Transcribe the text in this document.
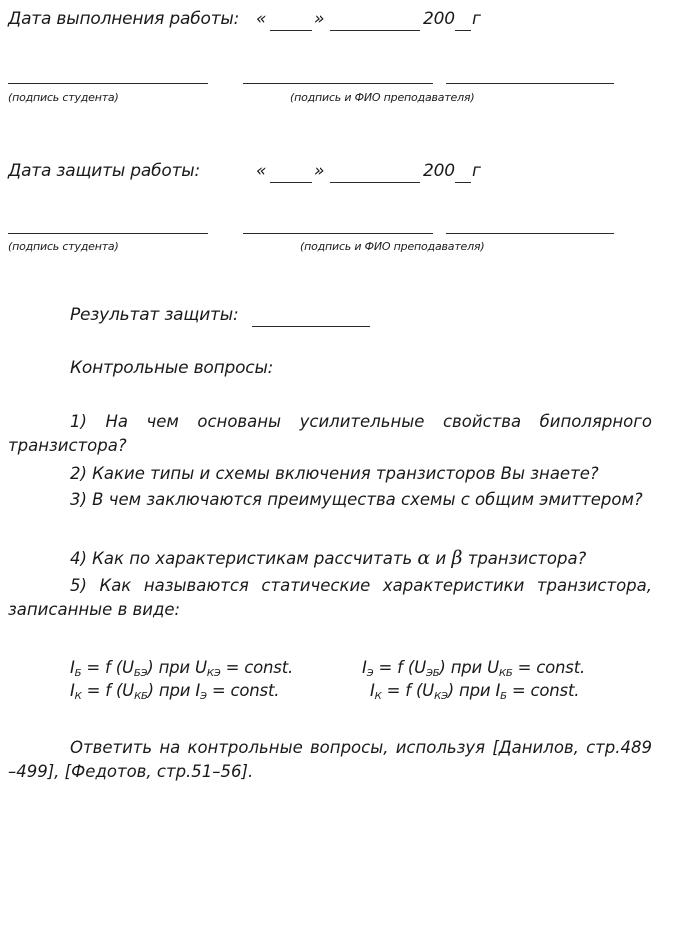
Дата выполнения работы: «	»	200 г
(подпись студента)	(подпись и ФИО преподавателя)
Дата защиты работы:	«	»	200 г
(подпись студента)	(подпись и ФИО преподавателя)
Результат защиты:
Контрольные вопросы:

1) На чем основаны усилительные свойства биполярного транзистора?

2) Какие типы и схемы включения транзисторов Вы знаете?

3) В чем заключаются преимущества схемы с общим эмиттером?

4) Как по характеристикам рассчитать α и β транзистора?

5) Как называются статические характеристики транзистора, записанные в виде:

$I_Б = f$ $(U_{БЭ})$ при $U_{КЭ}$ = const.	$I_Э = f$ $(U_{ЭБ})$ при $U_{КБ}$ = const.
$I_К = f$ $(U_{КБ})$ при $I_Э$ = const.	$I_К = f$ $(U_{КЭ})$ при $I_Б$ = const.

Ответить на контрольные вопросы, используя [Данилов, стр.489 –499], [Федотов, стр.51–56].
